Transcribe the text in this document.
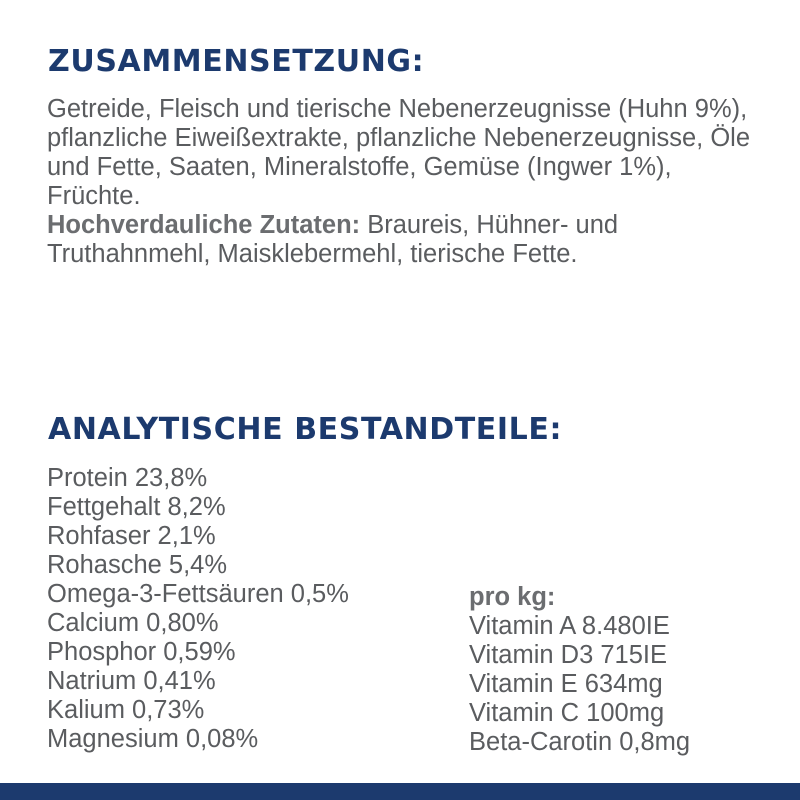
ZUSAMMENSETZUNG:

Getreide, Fleisch und tierische Nebenerzeugnisse (Huhn 9%), pflanzliche Eiweißextrakte, pflanzliche Nebenerzeugnisse, Öle und Fette, Saaten, Mineralstoffe, Gemüse (Ingwer 1%), Früchte.
Hochverdauliche Zutaten: Braureis, Hühner- und Truthahnmehl, Maisklebermehl, tierische Fette.

ANALYTISCHE BESTANDTEILE:
Protein 23,8%
Fettgehalt 8,2%
Rohfaser 2,1%
Rohasche 5,4%
Omega-3-Fettsäuren 0,5%
Calcium 0,80%
Phosphor 0,59%
Natrium 0,41%
Kalium 0,73%
Magnesium 0,08%
pro kg:
Vitamin A 8.480IE
Vitamin D3 715IE
Vitamin E 634mg
Vitamin C 100mg
Beta-Carotin 0,8mg
